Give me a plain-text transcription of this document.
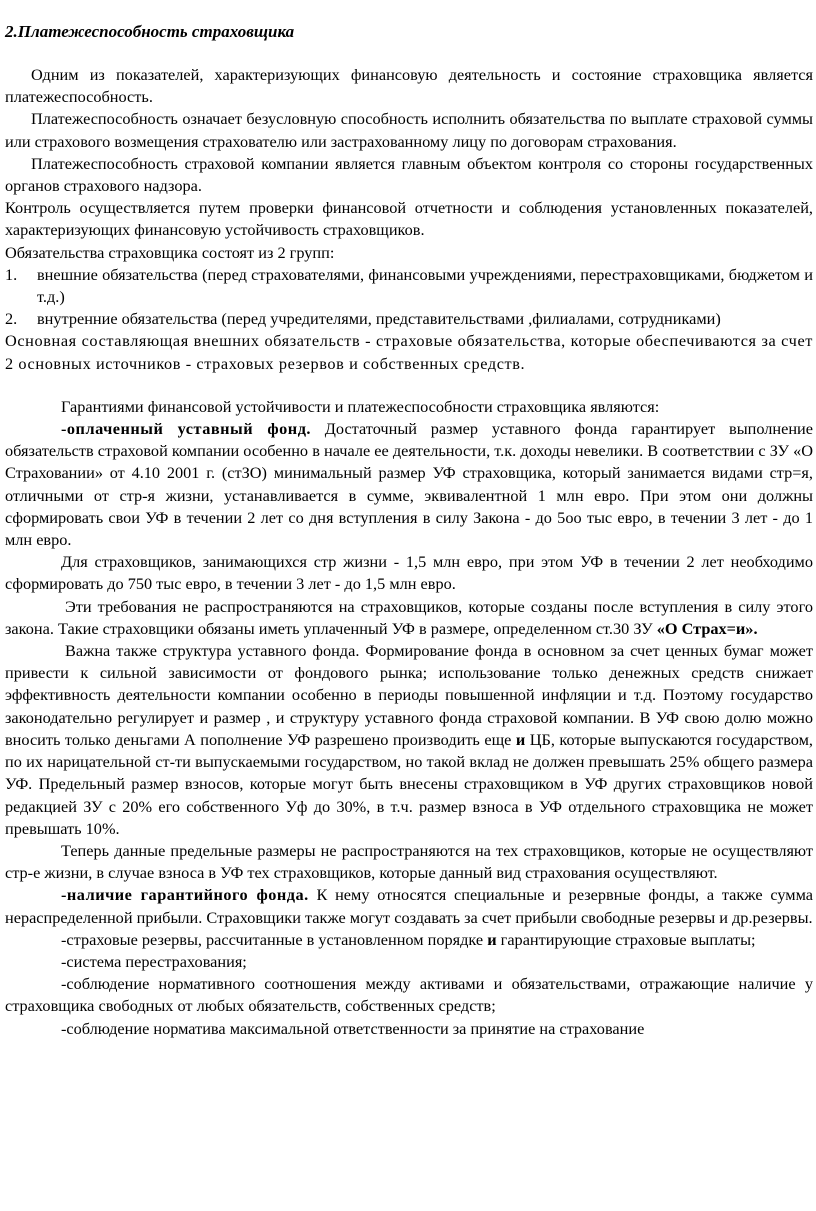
2.Платежеспособность страховщика

Одним из показателей, характеризующих финансовую деятельность и состояние страховщика является платежеспособность.

Платежеспособность означает безусловную способность исполнить обязательства по выплате страховой суммы или страхового возмещения страхователю или застрахованному лицу по договорам страхования.

Платежеспособность страховой компании является главным объектом контроля со стороны государственных органов страхового надзора.

Контроль осуществляется путем проверки финансовой отчетности и соблюдения установленных показателей, характеризующих финансовую устойчивость страховщиков.

Обязательства страховщика состоят из 2 групп:

1. внешние обязательства (перед страхователями, финансовыми учреждениями, перестраховщиками, бюджетом и т.д.)
2. внутренние обязательства (перед учредителями, представительствами ,филиалами, сотрудниками)

Основная составляющая внешних обязательств - страховые обязательства, которые обеспечиваются за счет 2 основных источников - страховых резервов и собственных средств.

Гарантиями финансовой устойчивости и платежеспособности страховщика являются:

-оплаченный уставный фонд. Достаточный размер уставного фонда гарантирует выполнение обязательств страховой компании особенно в начале ее деятельности, т.к. доходы невелики. В соответствии с ЗУ «О Страховании» от 4.10 2001 г. (стЗО) минимальный размер УФ страховщика, который занимается видами стр=я, отличными от стр-я жизни, устанавливается в сумме, эквивалентной 1 млн евро. При этом они должны сформировать свои УФ в течении 2 лет со дня вступления в силу Закона - до 5оо тыс евро, в течении 3 лет - до 1 млн евро.

Для страховщиков, занимающихся стр жизни - 1,5 млн евро, при этом УФ в течении 2 лет необходимо сформировать до 750 тыс евро, в течении 3 лет - до 1,5 млн евро.

Эти требования не распространяются на страховщиков, которые созданы после вступления в силу этого закона. Такие страховщики обязаны иметь уплаченный УФ в размере, определенном ст.30 ЗУ «О Страх=и».

Важна также структура уставного фонда. Формирование фонда в основном за счет ценных бумаг может привести к сильной зависимости от фондового рынка; использование только денежных средств снижает эффективность деятельности компании особенно в периоды повышенной инфляции и т.д. Поэтому государство законодательно регулирует и размер , и структуру уставного фонда страховой компании. В УФ свою долю можно вносить только деньгами А пополнение УФ разрешено производить еще и ЦБ, которые выпускаются государством, по их нарицательной ст-ти выпускаемыми государством, но такой вклад не должен превышать 25% общего размера УФ. Предельный размер взносов, которые могут быть внесены страховщиком в УФ других страховщиков новой редакцией ЗУ с 20% его собственного Уф до 30%, в т.ч. размер взноса в УФ отдельного страховщика не может превышать 10%.

Теперь данные предельные размеры не распространяются на тех страховщиков, которые не осуществляют стр-е жизни, в случае взноса в УФ тех страховщиков, которые данный вид страхования осуществляют.

-наличие гарантийного фонда. К нему относятся специальные и резервные фонды, а также сумма нераспределенной прибыли. Страховщики также могут создавать за счет прибыли свободные резервы и др.резервы.

-страховые резервы, рассчитанные в установленном порядке и гарантирующие страховые выплаты;

-система перестрахования;

-соблюдение нормативного соотношения между активами и обязательствами, отражающие наличие у страховщика свободных от любых обязательств, собственных средств;

-соблюдение норматива максимальной ответственности за принятие на страхование
